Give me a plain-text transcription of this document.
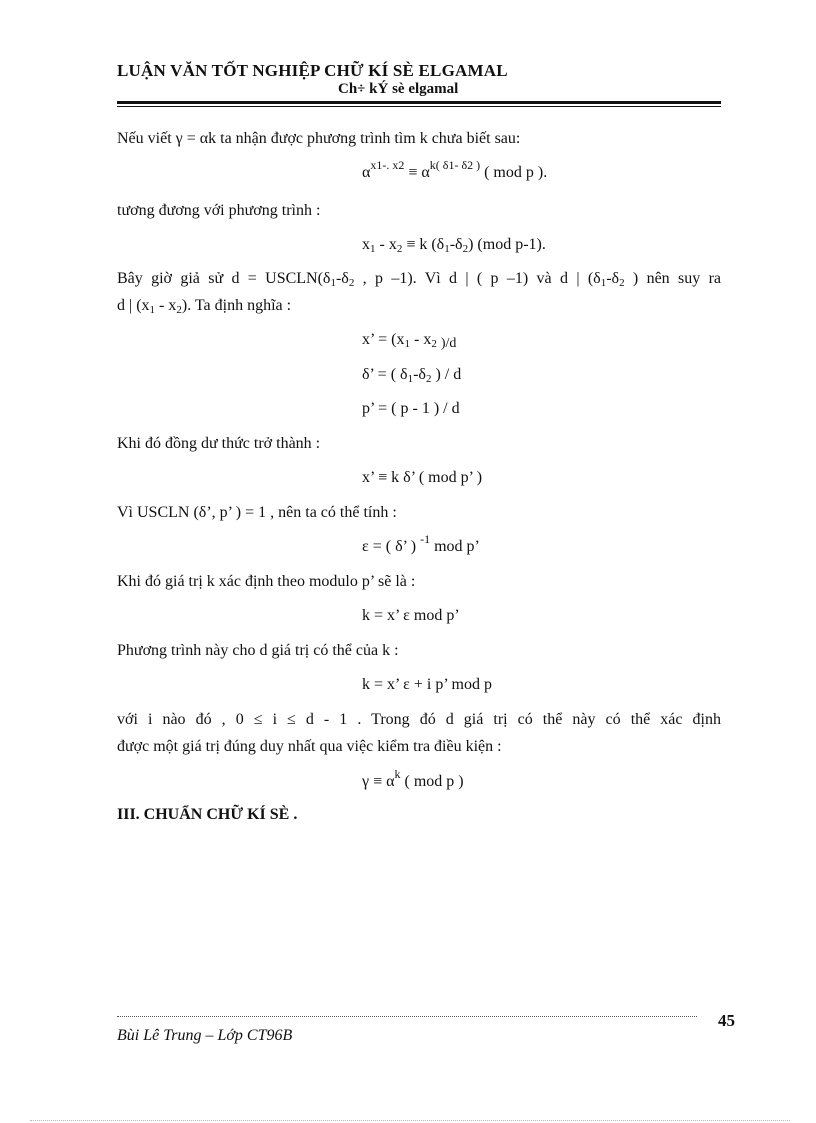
LUẬN VĂN TỐT NGHIỆP CHỮ KÍ SÈ ELGAMAL
Ch÷ kÝ sè elgamal
Nếu viết γ = αk ta nhận được phương trình tìm k chưa biết sau:
$\alpha^{x1-. x2} \equiv \alpha^{k( \delta 1- \delta 2 )}$ ( mod p ).
tương đương với phương trình :
$x_1 - x_2 \equiv k$ $(\delta_1-\delta_2)$ (mod p-1).
Bây giờ giả sử $d = USCLN(\delta_1-\delta_2$ , p –1). Vì d | ( p –1) và d | ($\delta_1-\delta_2$ ) nên suy ra
d | $(x_1 - x_2)$. Ta định nghĩa :
x’ = ($x_1 - x_2$ $_{)/d}$
δ’ = ( $\delta_1-\delta_2$ ) / d
p’ = ( p - 1 ) / d
Khi đó đồng dư thức trở thành :
x’ ≡ k δ’ ( mod p’ )
Vì USCLN (δ’, p’ ) = 1 , nên ta có thể tính :
ε = ( δ’ ) $^{-1}$ mod p’
Khi đó giá trị k xác định theo modulo p’ sẽ là :
k = x’ ε mod p’
Phương trình này cho d giá trị có thể của k :
k = x’ ε + i p’ mod p
với i nào đó , 0 ≤ i ≤ d - 1 . Trong đó d giá trị có thể này có thể xác định
được một giá trị đúng duy nhất qua việc kiểm tra điều kiện :
$\gamma \equiv \alpha^k$ ( mod p )
III. CHUẨN CHỮ KÍ SÈ .
45
Bùi Lê Trung – Lớp CT96B
